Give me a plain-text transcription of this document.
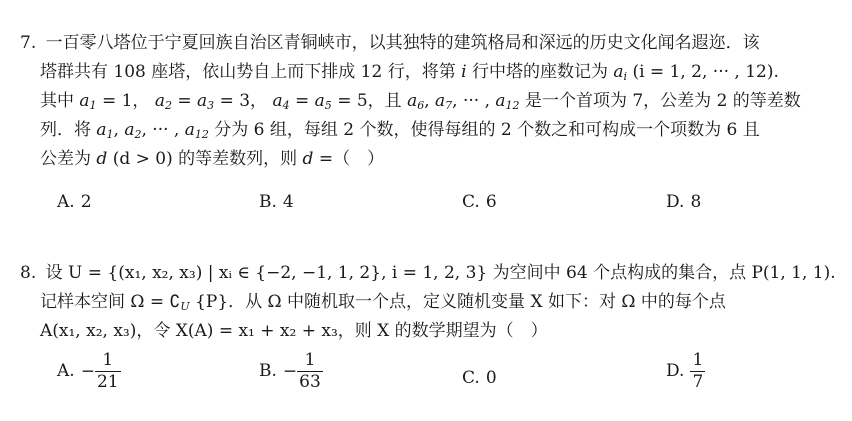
7. 一百零八塔位于宁夏回族自治区青铜峡市，以其独特的建筑格局和深远的历史文化闻名遐迩．该
塔群共有 108 座塔，依山势自上而下排成 12 行，将第 i 行中塔的座数记为 $a_i$ (i = 1, 2, ··· , 12).
其中 $a_1 = 1$， $a_2 = a_3 = 3$， $a_4 = a_5 = 5$，且 $a_6$, $a_7$, ··· , $a_{12}$ 是一个首项为 7，公差为 2 的等差数
列．将 $a_1$, $a_2$, ··· , $a_{12}$ 分为 6 组，每组 2 个数，使得每组的 2 个数之和可构成一个项数为 6 且
公差为 d (d > 0) 的等差数列，则 d =（　）
A. 2	B. 4	C. 6	D. 8
8. 设 U = {(x₁, x₂, x₃) | xᵢ ∈ {−2, −1, 1, 2}, i = 1, 2, 3} 为空间中 64 个点构成的集合，点 P(1, 1, 1).
记样本空间 $\Omega = ∁_U$ {P}．从 Ω 中随机取一个点，定义随机变量 X 如下：对 Ω 中的每个点
A(x₁, x₂, x₃)，令 X(A) = x₁ + x₂ + x₃，则 X 的数学期望为（　）
A. − $\frac{1}{21}$	B. − $\frac{1}{63}$	C. 0	D. $\frac{1}{7}$
